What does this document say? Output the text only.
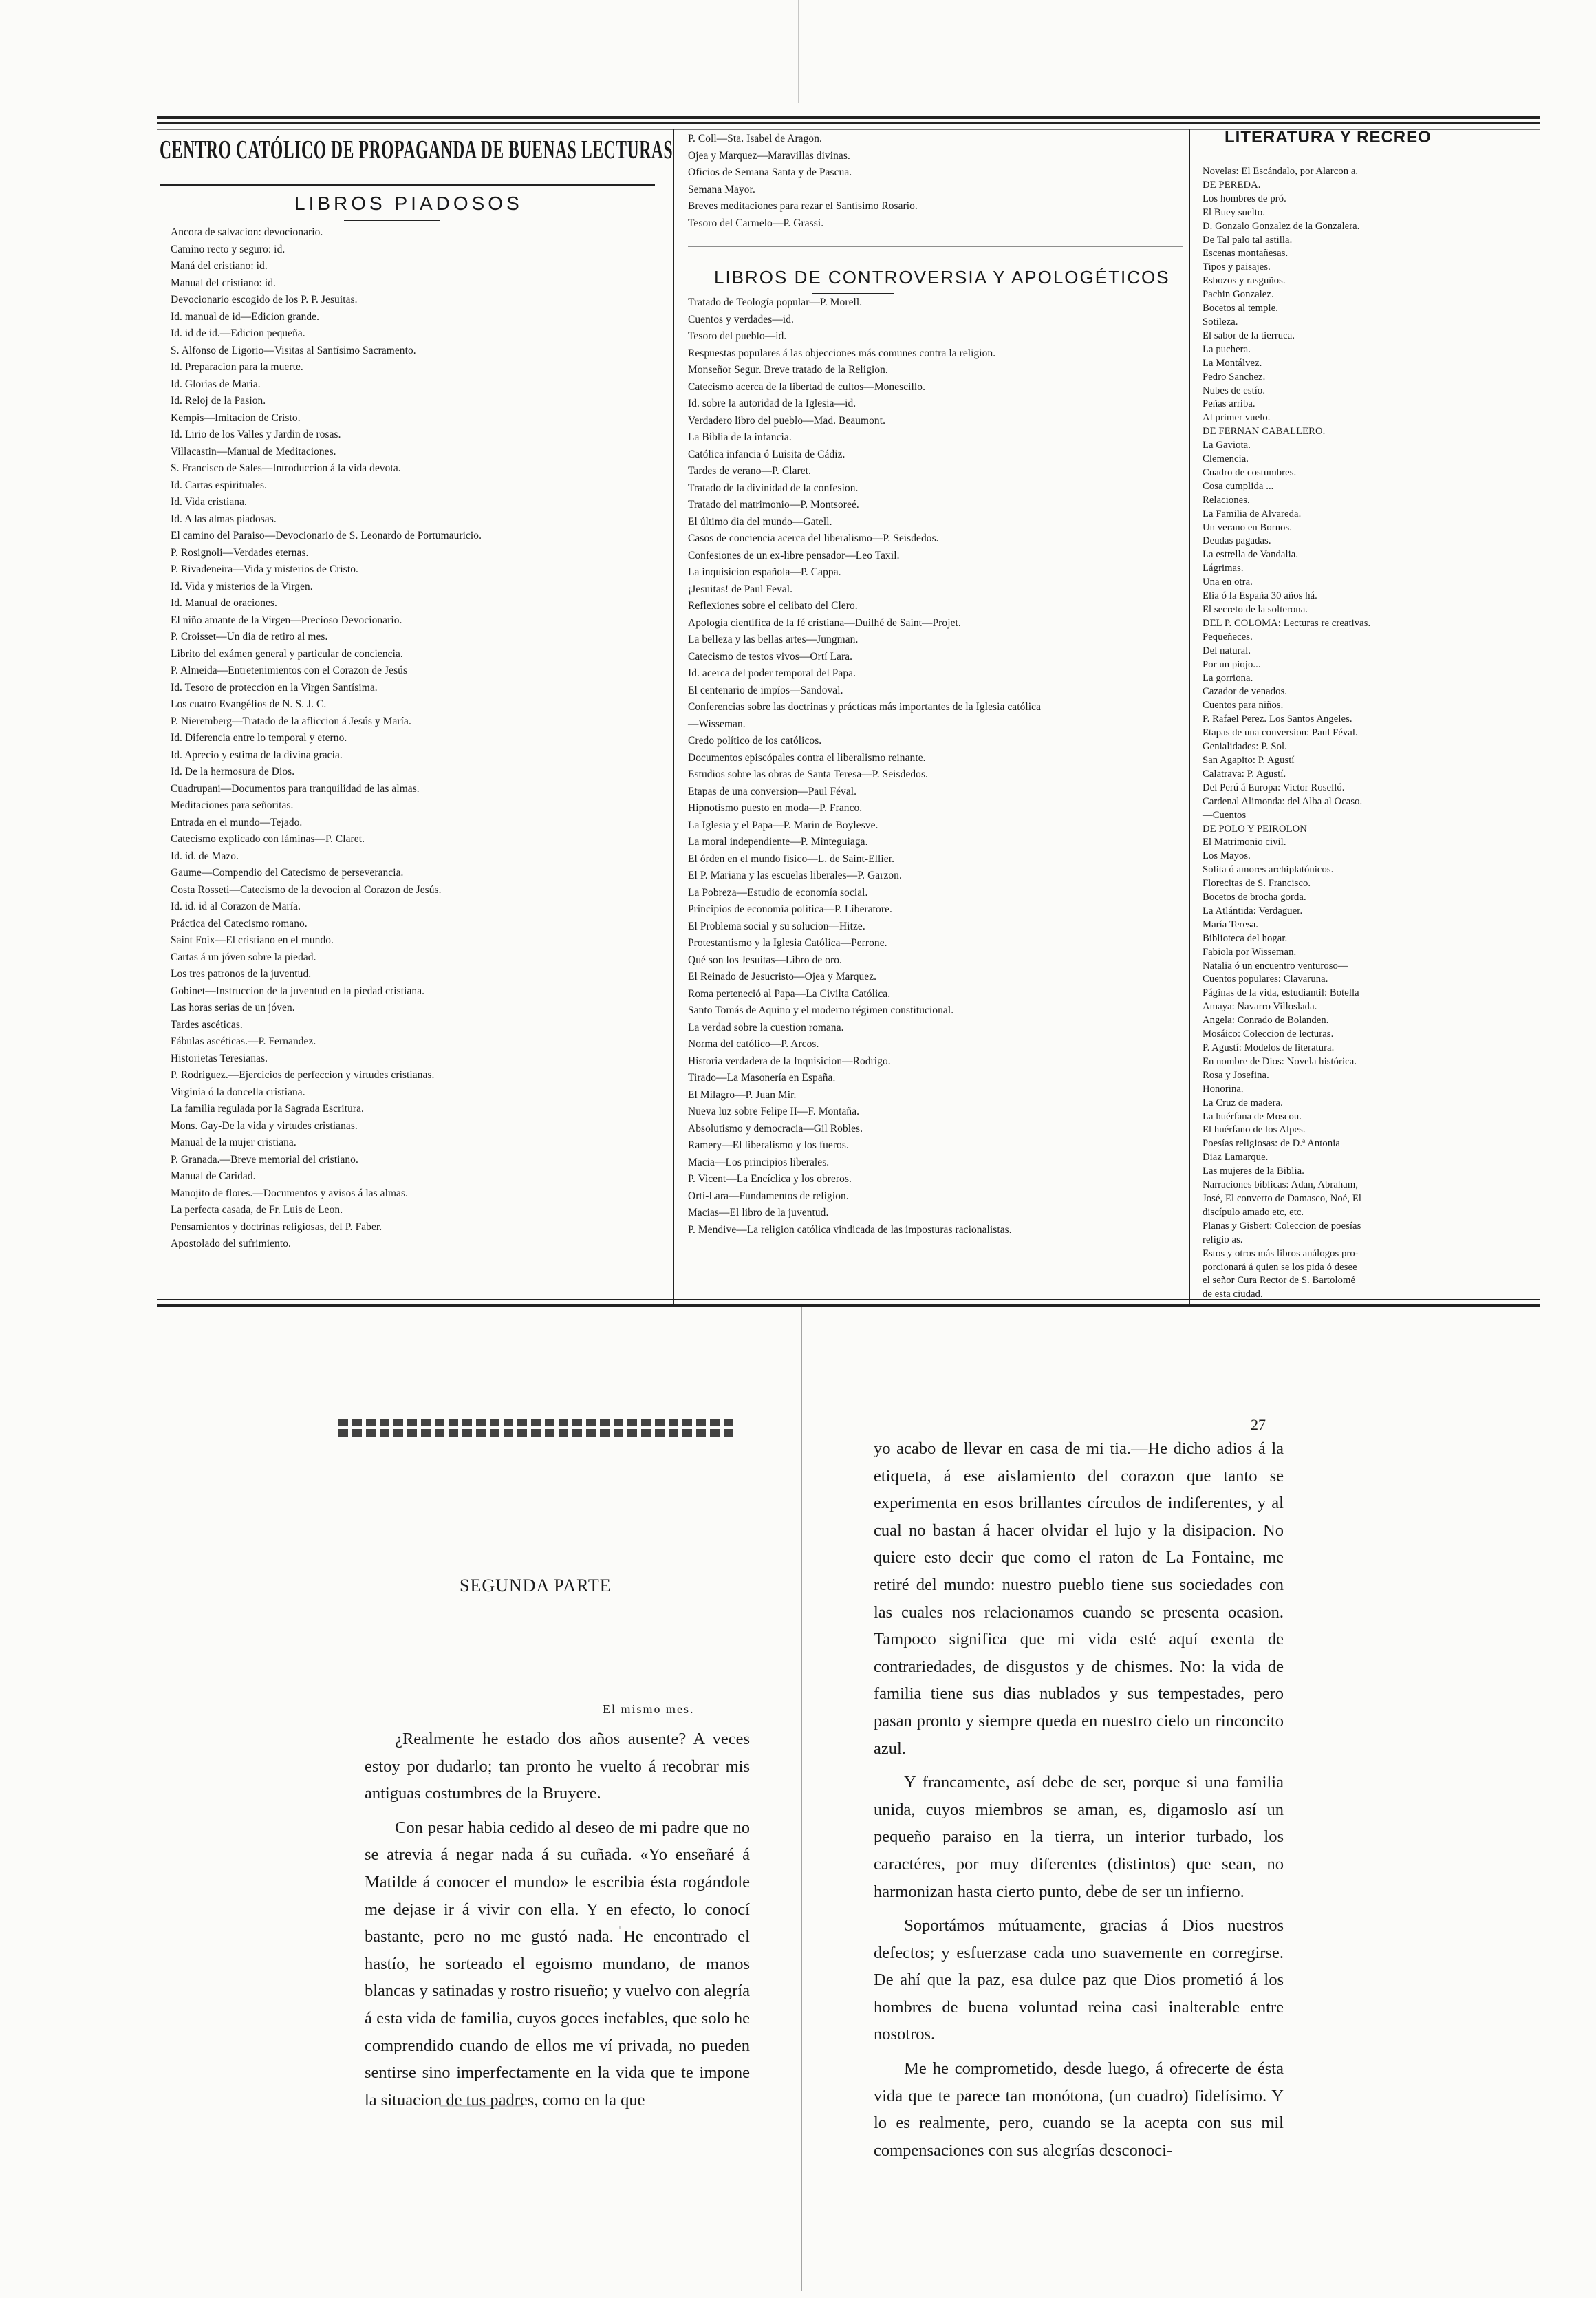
CENTRO CATÓLICO DE PROPAGANDA DE BUENAS LECTURAS
LIBROS PIADOSOS
Ancora de salvacion: devocionario.
Camino recto y seguro: id.
Maná del cristiano: id.
Manual del cristiano: id.
Devocionario escogido de los P. P. Jesuitas.
Id. manual de id—Edicion grande.
Id. id de id.—Edicion pequeña.
S. Alfonso de Ligorio—Visitas al Santísimo Sacramento.
Id. Preparacion para la muerte.
Id. Glorias de Maria.
Id. Reloj de la Pasion.
Kempis—Imitacion de Cristo.
Id. Lirio de los Valles y Jardin de rosas.
Villacastin—Manual de Meditaciones.
S. Francisco de Sales—Introduccion á la vida devota.
Id. Cartas espirituales.
Id. Vida cristiana.
Id. A las almas piadosas.
El camino del Paraiso—Devocionario de S. Leonardo de Portumauricio.
P. Rosignoli—Verdades eternas.
P. Rivadeneira—Vida y misterios de Cristo.
Id. Vida y misterios de la Virgen.
Id. Manual de oraciones.
El niño amante de la Virgen—Precioso Devocionario.
P. Croisset—Un dia de retiro al mes.
Librito del exámen general y particular de conciencia.
P. Almeida—Entretenimientos con el Corazon de Jesús
Id. Tesoro de proteccion en la Virgen Santísima.
Los cuatro Evangélios de N. S. J. C.
P. Nieremberg—Tratado de la afliccion á Jesús y María.
Id. Diferencia entre lo temporal y eterno.
Id. Aprecio y estima de la divina gracia.
Id. De la hermosura de Dios.
Cuadrupani—Documentos para tranquilidad de las almas.
Meditaciones para señoritas.
Entrada en el mundo—Tejado.
Catecismo explicado con láminas—P. Claret.
Id. id. de Mazo.
Gaume—Compendio del Catecismo de perseverancia.
Costa Rosseti—Catecismo de la devocion al Corazon de Jesús.
Id. id. id al Corazon de María.
Práctica del Catecismo romano.
Saint Foix—El cristiano en el mundo.
Cartas á un jóven sobre la piedad.
Los tres patronos de la juventud.
Gobinet—Instruccion de la juventud en la piedad cristiana.
Las horas serias de un jóven.
Tardes ascéticas.
Fábulas ascéticas.—P. Fernandez.
Historietas Teresianas.
P. Rodriguez.—Ejercicios de perfeccion y virtudes cristianas.
Virginia ó la doncella cristiana.
La familia regulada por la Sagrada Escritura.
Mons. Gay-De la vida y virtudes cristianas.
Manual de la mujer cristiana.
P. Granada.—Breve memorial del cristiano.
Manual de Caridad.
Manojito de flores.—Documentos y avisos á las almas.
La perfecta casada, de Fr. Luis de Leon.
Pensamientos y doctrinas religiosas, del P. Faber.
Apostolado del sufrimiento.
P. Coll—Sta. Isabel de Aragon.
Ojea y Marquez—Maravillas divinas.
Oficios de Semana Santa y de Pascua.
Semana Mayor.
Breves meditaciones para rezar el Santísimo Rosario.
Tesoro del Carmelo—P. Grassi.
LIBROS DE CONTROVERSIA Y APOLOGÉTICOS
Tratado de Teología popular—P. Morell.
Cuentos y verdades—id.
Tesoro del pueblo—id.
Respuestas populares á las objecciones más comunes contra la religion.
Monseñor Segur. Breve tratado de la Religion.
Catecismo acerca de la libertad de cultos—Monescillo.
Id. sobre la autoridad de la Iglesia—id.
Verdadero libro del pueblo—Mad. Beaumont.
La Biblia de la infancia.
Católica infancia ó Luisita de Cádiz.
Tardes de verano—P. Claret.
Tratado de la divinidad de la confesion.
Tratado del matrimonio—P. Montsoreé.
El último dia del mundo—Gatell.
Casos de conciencia acerca del liberalismo—P. Seisdedos.
Confesiones de un ex-libre pensador—Leo Taxil.
La inquisicion española—P. Cappa.
¡Jesuitas! de Paul Feval.
Reflexiones sobre el celibato del Clero.
Apología científica de la fé cristiana—Duilhé de Saint—Projet.
La belleza y las bellas artes—Jungman.
Catecismo de testos vivos—Ortí Lara.
Id. acerca del poder temporal del Papa.
El centenario de impíos—Sandoval.
Conferencias sobre las doctrinas y prácticas más importantes de la Iglesia católica
—Wisseman.
Credo político de los católicos.
Documentos episcópales contra el liberalismo reinante.
Estudios sobre las obras de Santa Teresa—P. Seisdedos.
Etapas de una conversion—Paul Féval.
Hipnotismo puesto en moda—P. Franco.
La Iglesia y el Papa—P. Marin de Boylesve.
La moral independiente—P. Minteguiaga.
El órden en el mundo físico—L. de Saint-Ellier.
El P. Mariana y las escuelas liberales—P. Garzon.
La Pobreza—Estudio de economía social.
Principios de economía política—P. Liberatore.
El Problema social y su solucion—Hitze.
Protestantismo y la Iglesia Católica—Perrone.
Qué son los Jesuitas—Libro de oro.
El Reinado de Jesucristo—Ojea y Marquez.
Roma perteneció al Papa—La Civilta Católica.
Santo Tomás de Aquino y el moderno régimen constitucional.
La verdad sobre la cuestion romana.
Norma del católico—P. Arcos.
Historia verdadera de la Inquisicion—Rodrigo.
Tirado—La Masonería en España.
El Milagro—P. Juan Mir.
Nueva luz sobre Felipe II—F. Montaña.
Absolutismo y democracia—Gil Robles.
Ramery—El liberalismo y los fueros.
Macia—Los principios liberales.
P. Vicent—La Encíclica y los obreros.
Ortí-Lara—Fundamentos de religion.
Macias—El libro de la juventud.
P. Mendive—La religion católica vindicada de las imposturas racionalistas.
LITERATURA Y RECREO
Novelas: El Escándalo, por Alarcon a.
DE PEREDA.
Los hombres de pró.
El Buey suelto.
D. Gonzalo Gonzalez de la Gonzalera.
De Tal palo tal astilla.
Escenas montañesas.
Tipos y paisajes.
Esbozos y rasguños.
Pachin Gonzalez.
Bocetos al temple.
Sotileza.
El sabor de la tierruca.
La puchera.
La Montálvez.
Pedro Sanchez.
Nubes de estío.
Peñas arriba.
Al primer vuelo.
DE FERNAN CABALLERO.
La Gaviota.
Clemencia.
Cuadro de costumbres.
Cosa cumplida ...
Relaciones.
La Familia de Alvareda.
Un verano en Bornos.
Deudas pagadas.
La estrella de Vandalia.
Lágrimas.
Una en otra.
Elia ó la España 30 años há.
El secreto de la solterona.
DEL P. COLOMA: Lecturas re creativas.
Pequeñeces.
Del natural.
Por un piojo...
La gorriona.
Cazador de venados.
Cuentos para niños.
P. Rafael Perez. Los Santos Angeles.
Etapas de una conversion: Paul Féval.
Genialidades: P. Sol.
San Agapito: P. Agustí
Calatrava: P. Agustí.
Del Perú á Europa: Victor Roselló.
Cardenal Alimonda: del Alba al Ocaso.
—Cuentos
DE POLO Y PEIROLON
El Matrimonio civil.
Los Mayos.
Solita ó amores archiplatónicos.
Florecitas de S. Francisco.
Bocetos de brocha gorda.
La Atlántida: Verdaguer.
María Teresa.
Biblioteca del hogar.
Fabiola por Wisseman.
Natalia ó un encuentro venturoso—
Cuentos populares: Clavaruna.
Páginas de la vida, estudiantil: Botella
Amaya: Navarro Villoslada.
Angela: Conrado de Bolanden.
Mosáico: Coleccion de lecturas.
P. Agustí: Modelos de literatura.
En nombre de Dios: Novela histórica.
Rosa y Josefina.
Honorina.
La Cruz de madera.
La huérfana de Moscou.
El huérfano de los Alpes.
Poesías religiosas: de D.ª Antonia
Diaz Lamarque.
Las mujeres de la Biblia.
Narraciones bíblicas: Adan, Abraham,
José, El converto de Damasco, Noé, El
discípulo amado etc, etc.
Planas y Gisbert: Coleccion de poesías
religio as.
Estos y otros más libros análogos pro-
porcionará á quien se los pida ó desee
el señor Cura Rector de S. Bartolomé
de esta ciudad.
27
SEGUNDA PARTE
El mismo mes.

¿Realmente he estado dos años ausente? A veces estoy por dudarlo; tan pronto he vuelto á recobrar mis antiguas costumbres de la Bruyere.

Con pesar habia cedido al deseo de mi padre que no se atrevia á negar nada á su cuñada. «Yo enseñaré á Matilde á conocer el mundo» le escribia ésta rogándole me dejase ir á vivir con ella. Y en efecto, lo conocí bastante, pero no me gustó nada. He encontrado el hastío, he sorteado el egoismo mundano, de manos blancas y satinadas y rostro risueño; y vuelvo con alegría á esta vida de familia, cuyos goces inefables, que solo he comprendido cuando de ellos me ví privada, no pueden sentirse sino imperfectamente en la vida que te impone la situacion de tus padres, como en la que

yo acabo de llevar en casa de mi tia.—He dicho adios á la etiqueta, á ese aislamiento del corazon que tanto se experimenta en esos brillantes círculos de indiferentes, y al cual no bastan á hacer olvidar el lujo y la disipacion. No quiere esto decir que como el raton de La Fontaine, me retiré del mundo: nuestro pueblo tiene sus sociedades con las cuales nos relacionamos cuando se presenta ocasion. Tampoco significa que mi vida esté aquí exenta de contrariedades, de disgustos y de chismes. No: la vida de familia tiene sus dias nublados y sus tempestades, pero pasan pronto y siempre queda en nuestro cielo un rinconcito azul.

Y francamente, así debe de ser, porque si una familia unida, cuyos miembros se aman, es, digamoslo así un pequeño paraiso en la tierra, un interior turbado, los caractéres, por muy diferentes (distintos) que sean, no harmonizan hasta cierto punto, debe de ser un infierno.

Soportámos mútuamente, gracias á Dios nuestros defectos; y esfuerzase cada uno suavemente en corregirse. De ahí que la paz, esa dulce paz que Dios prometió á los hombres de buena voluntad reina casi inalterable entre nosotros.

Me he comprometido, desde luego, á ofrecerte de ésta vida que te parece tan monótona, (un cuadro) fidelísimo. Y lo es realmente, pero, cuando se la acepta con sus mil compensaciones con sus alegrías desconoci-
